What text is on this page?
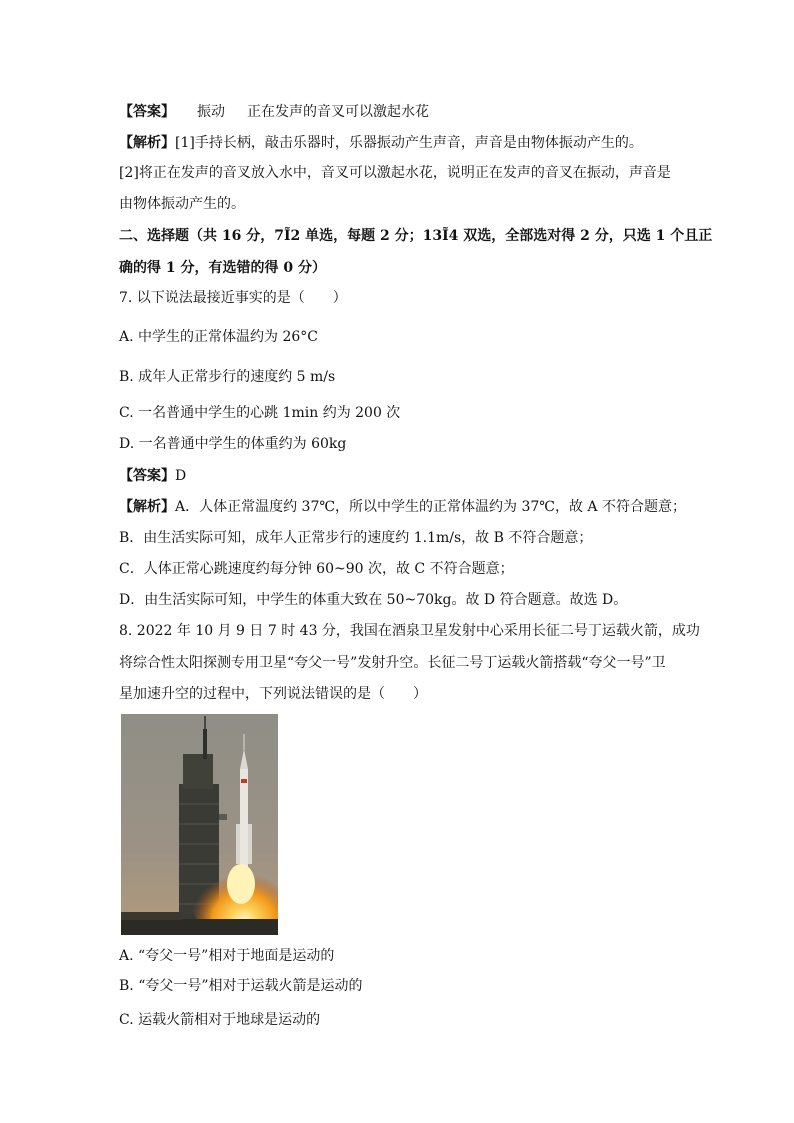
【答案】 振动 正在发声的音叉可以激起水花
【解析】[1]手持长柄，敲击乐器时，乐器振动产生声音，声音是由物体振动产生的。
[2]将正在发声的音叉放入水中，音叉可以激起水花，说明正在发声的音叉在振动，声音是
由物体振动产生的。
二、选择题（共 16 分，7Ĩ2 单选，每题 2 分；13Ĩ4 双选，全部选对得 2 分，只选 1 个且正
确的得 1 分，有选错的得 0 分）
7. 以下说法最接近事实的是（　　）
A. 中学生的正常体温约为 26°C
B. 成年人正常步行的速度约 5 m/s
C. 一名普通中学生的心跳 1min 约为 200 次
D. 一名普通中学生的体重约为 60kg
【答案】D
【解析】A．人体正常温度约 37℃，所以中学生的正常体温约为 37℃，故 A 不符合题意；
B．由生活实际可知，成年人正常步行的速度约 1.1m/s，故 B 不符合题意；
C．人体正常心跳速度约每分钟 60~90 次，故 C 不符合题意；
D．由生活实际可知，中学生的体重大致在 50~70kg。故 D 符合题意。故选 D。
8. 2022 年 10 月 9 日 7 时 43 分，我国在酒泉卫星发射中心采用长征二号丁运载火箭，成功
将综合性太阳探测专用卫星“夸父一号”发射升空。长征二号丁运载火箭搭载“夸父一号”卫
星加速升空的过程中，下列说法错误的是（　　）
A. “夸父一号”相对于地面是运动的
B. “夸父一号”相对于运载火箭是运动的
C. 运载火箭相对于地球是运动的
